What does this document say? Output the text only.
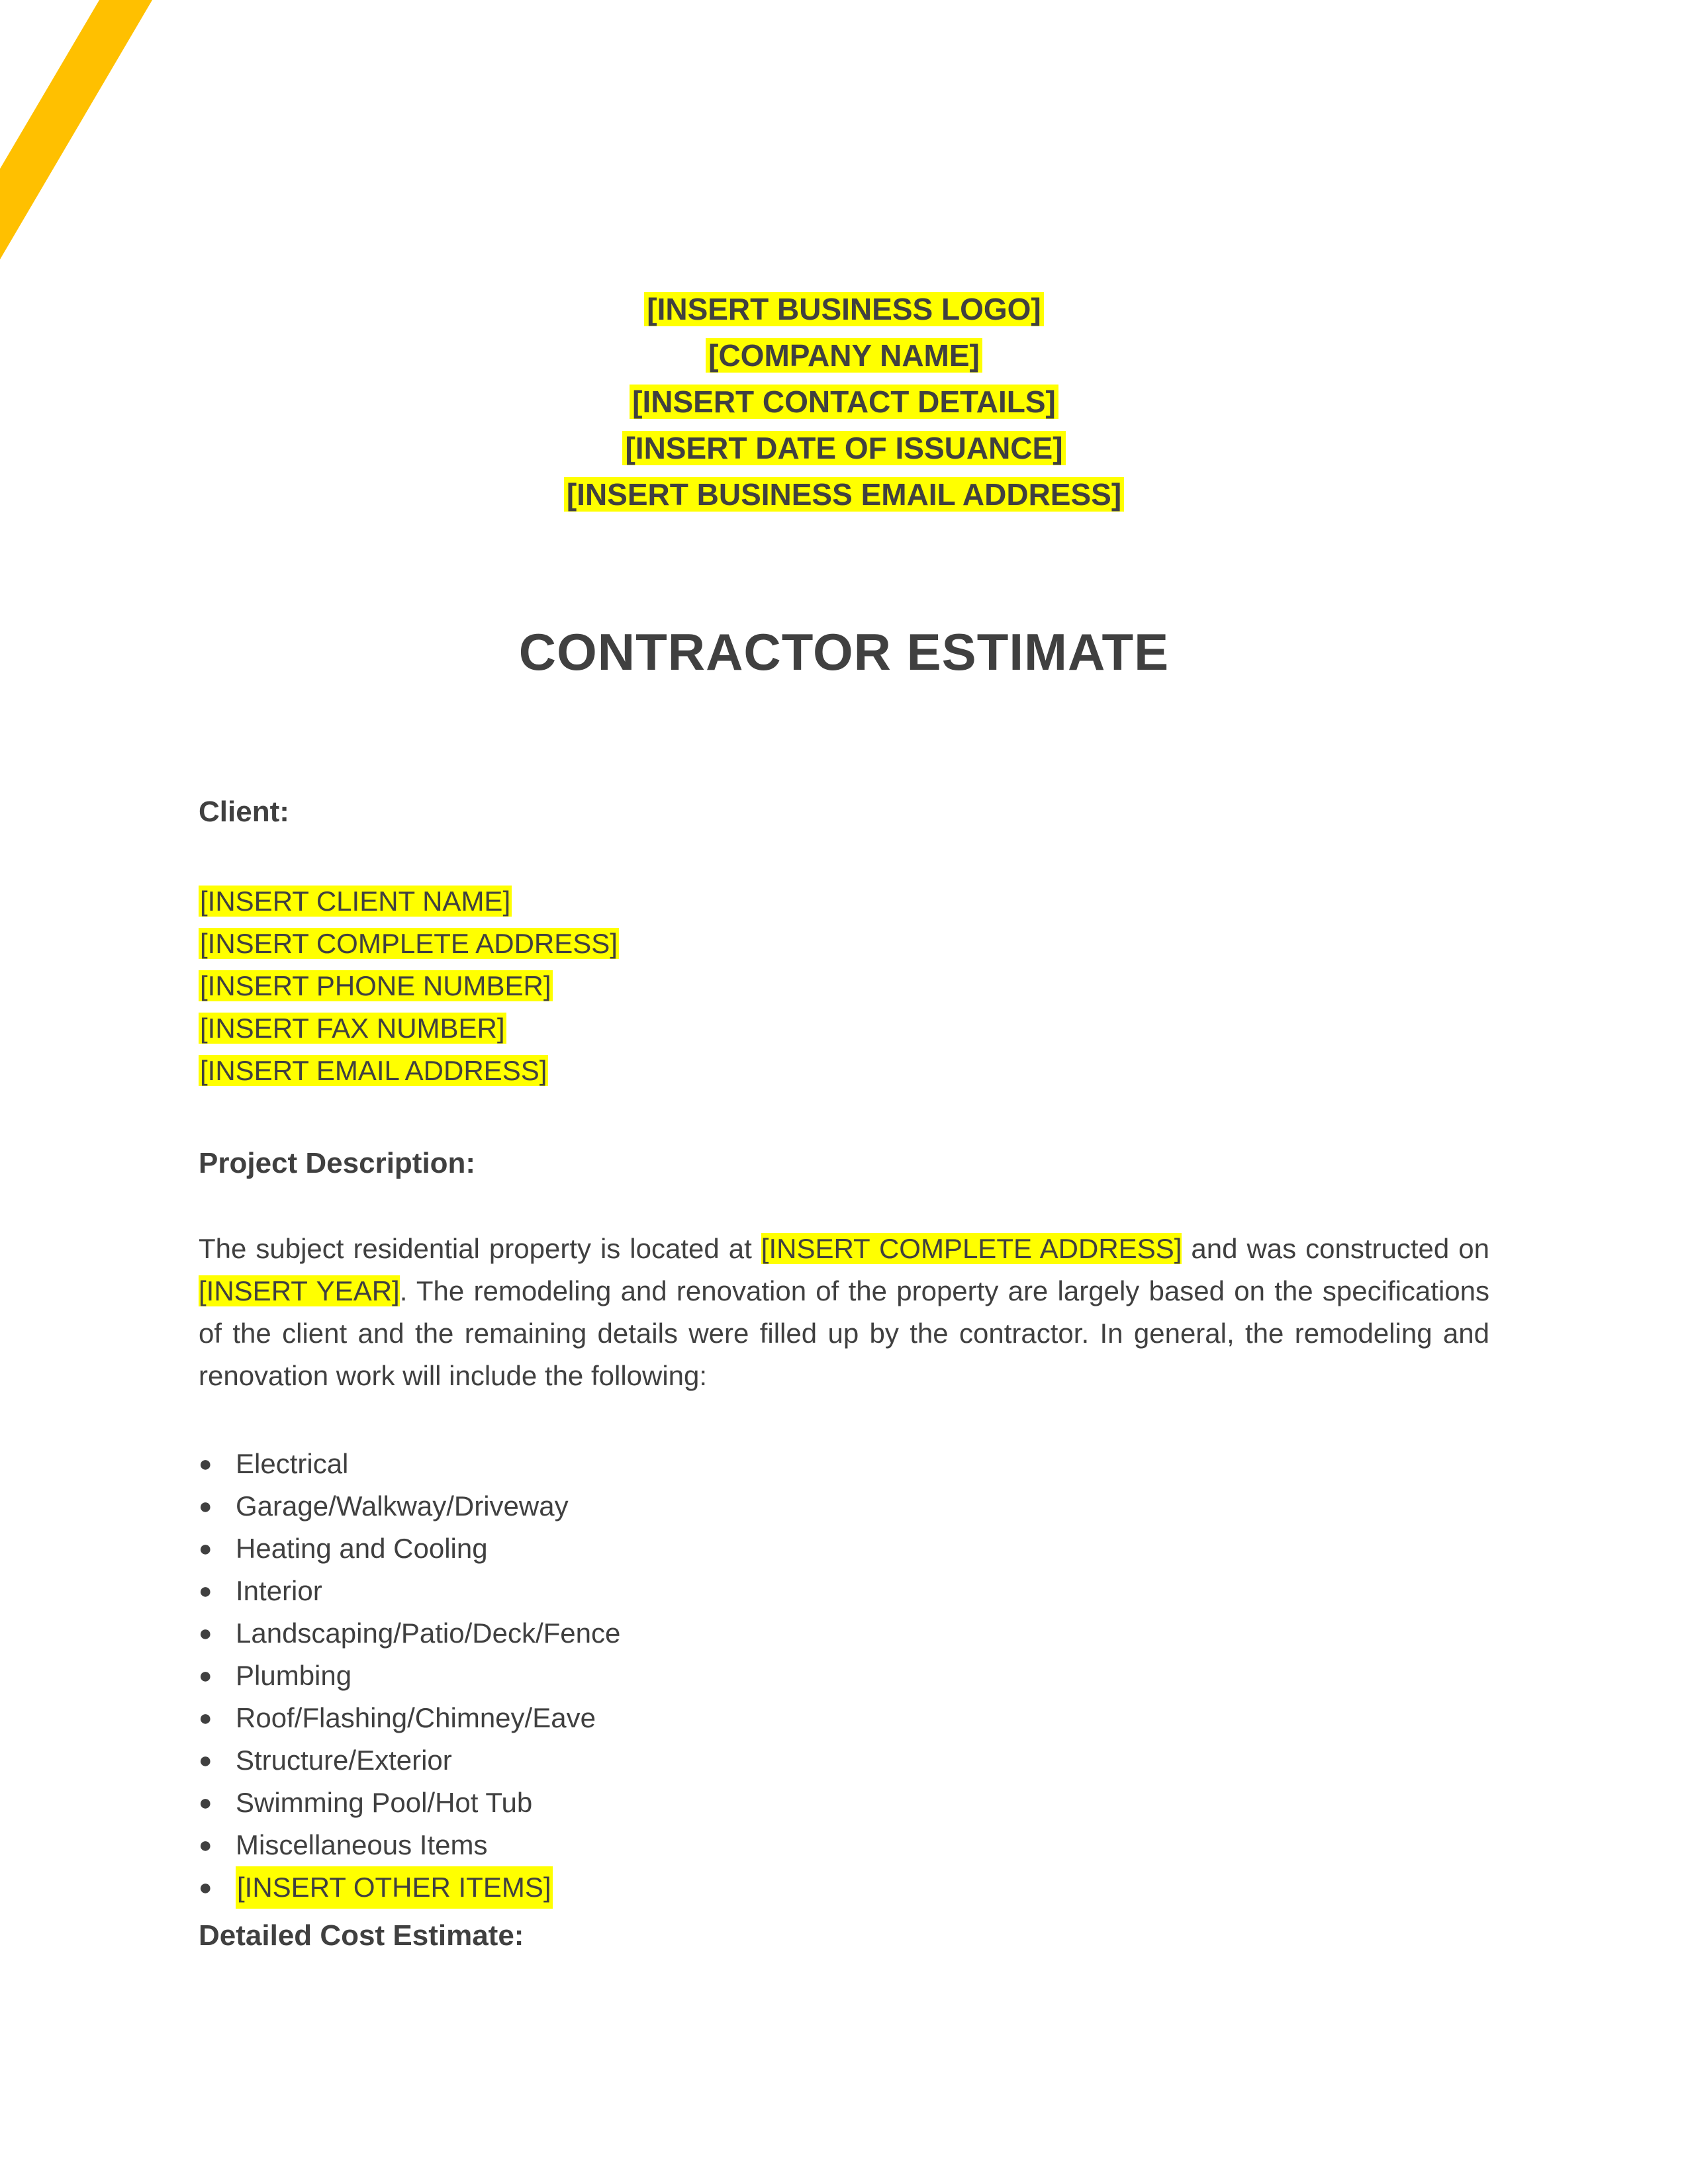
[INSERT BUSINESS LOGO]
[COMPANY NAME]
[INSERT CONTACT DETAILS]
[INSERT DATE OF ISSUANCE]
[INSERT BUSINESS EMAIL ADDRESS]
CONTRACTOR ESTIMATE
Client:
[INSERT CLIENT NAME]
[INSERT COMPLETE ADDRESS]
[INSERT PHONE NUMBER]
[INSERT FAX NUMBER]
[INSERT EMAIL ADDRESS]
Project Description:

The subject residential property is located at [INSERT COMPLETE ADDRESS] and was constructed on [INSERT YEAR]. The remodeling and renovation of the property are largely based on the specifications of the client and the remaining details were filled up by the contractor. In general, the remodeling and renovation work will include the following:

● Electrical
● Garage/Walkway/Driveway
● Heating and Cooling
● Interior
● Landscaping/Patio/Deck/Fence
● Plumbing
● Roof/Flashing/Chimney/Eave
● Structure/Exterior
● Swimming Pool/Hot Tub
● Miscellaneous Items
● [INSERT OTHER ITEMS]
Detailed Cost Estimate:
